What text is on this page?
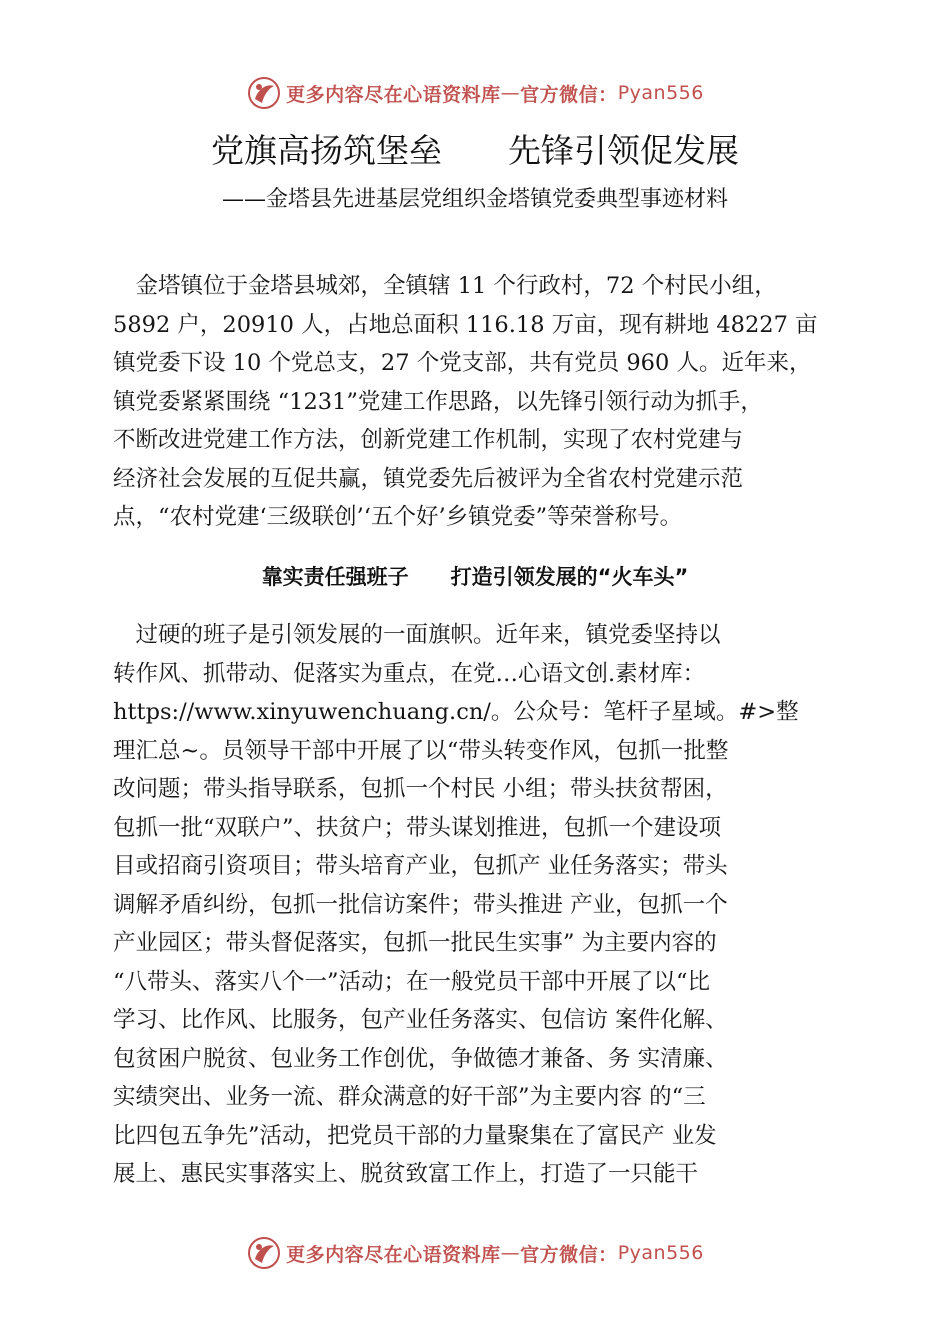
更多内容尽在心语资料库 — 官方微信： Pyan556
党旗高扬筑堡垒　　先锋引领促发展
——金塔县先进基层党组织金塔镇党委典型事迹材料
　金塔镇位于金塔县城郊，全镇辖 11 个行政村，72 个村民小组，
5892 户，20910 人，占地总面积 116.18 万亩，现有耕地 48227 亩
镇党委下设 10 个党总支，27 个党支部，共有党员 960 人。近年来，
镇党委紧紧围绕 “1231”党建工作思路，以先锋引领行动为抓手，
不断改进党建工作方法，创新党建工作机制，实现了农村党建与
经济社会发展的互促共赢，镇党委先后被评为全省农村党建示范
点，“农村党建‘三级联创’‘五个好’乡镇党委”等荣誉称号。
靠实责任强班子　　打造引领发展的“火车头”
　过硬的班子是引领发展的一面旗帜。近年来，镇党委坚持以
转作风、抓带动、促落实为重点，在党…心语文创.素材库：
https://www.xinyuwenchuang.cn/。公众号：笔杆子星域。#>整
理汇总~。员领导干部中开展了以“带头转变作风，包抓一批整
改问题；带头指导联系，包抓一个村民 小组；带头扶贫帮困，
包抓一批“双联户”、扶贫户；带头谋划推进，包抓一个建设项
目或招商引资项目；带头培育产业，包抓产 业任务落实；带头
调解矛盾纠纷，包抓一批信访案件；带头推进 产业，包抓一个
产业园区；带头督促落实，包抓一批民生实事” 为主要内容的
“八带头、落实八个一”活动；在一般党员干部中开展了以“比
学习、比作风、比服务，包产业任务落实、包信访 案件化解、
包贫困户脱贫、包业务工作创优，争做德才兼备、务 实清廉、
实绩突出、业务一流、群众满意的好干部”为主要内容 的“三
比四包五争先”活动，把党员干部的力量聚集在了富民产 业发
展上、惠民实事落实上、脱贫致富工作上，打造了一只能干
更多内容尽在心语资料库 — 官方微信： Pyan556
